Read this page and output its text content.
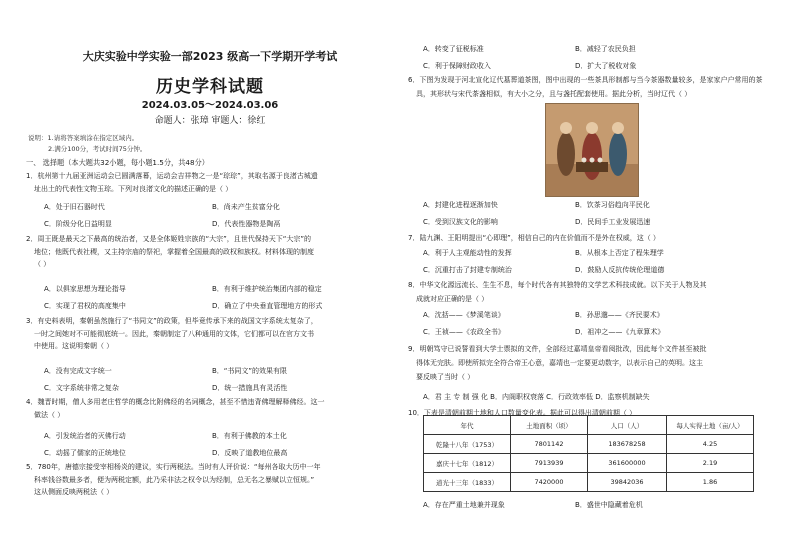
大庆实验中学实验一部2023 级高一下学期开学考试
历史学科试题
2024.03.05～2024.03.06
命题人：张璋 审题人：徐红
说明：1.请将答案填涂在指定区域内。
2.满分100分，考试时间75分钟。
一、 选择题（本大题共32小题，每小题1.5分，共48分）
年代	土地面积（顷）	人口（人）	每人实得土地（亩/人）
乾隆十八年（1753）	7801142	183678258	4.25
嘉庆十七年（1812）	7913939	361600000	2.19
道光十三年（1833）	7420000	39842036	1.86
1．杭州第十九届亚洲运动会已圆满落幕，运动会吉祥物之一是“琮琮”，其取名源于良渚古城遗
址出土的代表性文物玉琮。下列对良渚文化的描述正确的是（ ）
A．处于旧石器时代	B．尚未产生贫富分化
C．阶级分化日益明显	D．代表性器物是陶鬲
2．周王既是最天之下最高的统治者，又是全体姬姓宗族的“大宗”，且世代保持天下“大宗”的
地位；他既代表社稷，又主持宗庙的祭祀，掌握着全国最高的政权和族权。材料体现的制度
（ ）
A．以俱家思想为理论指导	B．有利于维护统治集团内部的稳定
C．实现了君权的高度集中	D．确立了中央垂直管理地方的形式
3．有史料表明，秦朝虽然施行了“书同文”的政策，但毕竟传承下来的战国文字系统太复杂了，
一时之间她对不可能彻底统一。因此，秦朝制定了八种通用的文体，它们都可以在官方文书
中使用。这说明秦朝（ ）
A．没有完成文字统一	B．“书同文”的效果有限
C．文字系统非常之复杂	D．统一措施具有灵活性
4．魏晋时期，僧人多用老庄哲学的概念比附佛经的名词概念，甚至不惜违背佛理解释佛经。这一
做法（ ）
A．引发统治者的灭佛行动	B．有利于佛教的本土化
C．动摇了儒家的正统地位	D．反映了道教地位最高
5．780年，唐德宗接受宰相杨炎的建议，实行两税法。当时有人评价说：“每州各取大历中一年
科率钱谷数最多者，便为两税定额，此乃采非法之权令以为经制，总无名之暴赋以立恒规。”
这从侧面反映两税法（ ）
A．转变了征税标准	B．减轻了农民负担
C．利于保障财政收入	D．扩大了税收对象
6．下图为发现于河北宣化辽代墓葬道茶图，图中出现的一些茶具形制都与当今茶器数量较多，是家家户户常用的茶
具，其形状与宋代茶盏相似，有大小之分，且与盏托配套使用。据此分析，当时辽代（ ）
7．陆九渊、王阳明提出“心即理”，相信自己的内在价值而不是外在权威，这（ ）
8．中华文化源远流长、生生不息，每个时代各有其独特的文学艺术科技成就。以下关于人物及其
成就对应正确的是（ ）
9．明朝笃守已说誓看到大学士票拟的文件，全部经过嘉靖皇帝看阅批改，因此每个文件甚至被批
得体无完肤。即使所拟完全符合帝王心意，嘉靖也一定要更动数字，以表示自己的英明。这主
要反映了当时（ ）
10．下表是清朝前期土地和人口数量变化表。据此可以得出清朝前期（ ）
A．封建化进程逐渐加快	B．饮茶习俗趋向平民化
C．受到汉族文化的影响	D．民间手工业发展迅速
A．利于人主观能动性的发挥	B．从根本上否定了程朱理学
C．沉重打击了封建专制统治	D．鼓励人反抗传统伦理道德
A．沈括——《梦溪笔谈》	B．孙思邈——《齐民要术》
C．王祯——《农政全书》	D．祖冲之——《九章算术》
A．存在严重土地兼并现象	B．盛世中隐藏着危机
A．君 主 专 制 强 化 B．内阁职权衰落 C．行政效率低 D．监察机制缺失
